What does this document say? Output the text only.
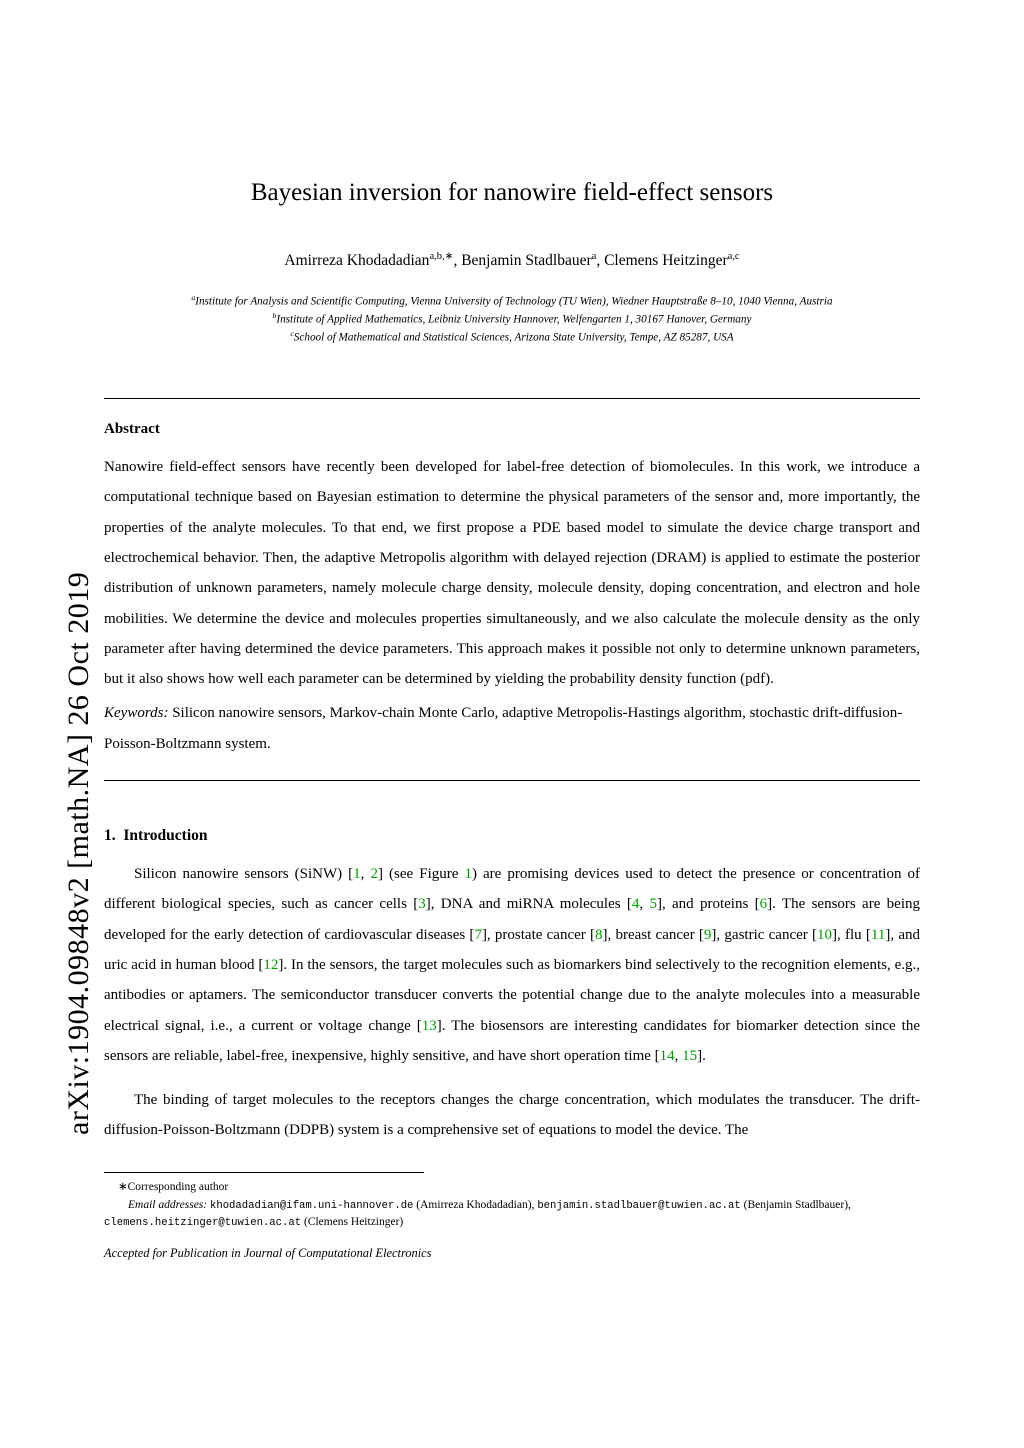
arXiv:1904.09848v2 [math.NA] 26 Oct 2019
Bayesian inversion for nanowire field-effect sensors
Amirreza Khodadadian$^{a,b,∗}$, Benjamin Stadlbauer$^a$, Clemens Heitzinger$^{a,c}$
$^a$Institute for Analysis and Scientific Computing, Vienna University of Technology (TU Wien), Wiedner Hauptstraße 8–10, 1040 Vienna, Austria
$^b$Institute of Applied Mathematics, Leibniz University Hannover, Welfengarten 1, 30167 Hanover, Germany
$^c$School of Mathematical and Statistical Sciences, Arizona State University, Tempe, AZ 85287, USA
Abstract
Nanowire field-effect sensors have recently been developed for label-free detection of biomolecules. In this work, we introduce a computational technique based on Bayesian estimation to determine the physical parameters of the sensor and, more importantly, the properties of the analyte molecules. To that end, we first propose a PDE based model to simulate the device charge transport and electrochemical behavior. Then, the adaptive Metropolis algorithm with delayed rejection (DRAM) is applied to estimate the posterior distribution of unknown parameters, namely molecule charge density, molecule density, doping concentration, and electron and hole mobilities. We determine the device and molecules properties simultaneously, and we also calculate the molecule density as the only parameter after having determined the device parameters. This approach makes it possible not only to determine unknown parameters, but it also shows how well each parameter can be determined by yielding the probability density function (pdf).
Keywords: Silicon nanowire sensors, Markov-chain Monte Carlo, adaptive Metropolis-Hastings algorithm, stochastic drift-diffusion-Poisson-Boltzmann system.
1. Introduction
Silicon nanowire sensors (SiNW) [1, 2] (see Figure 1) are promising devices used to detect the presence or concentration of different biological species, such as cancer cells [3], DNA and miRNA molecules [4, 5], and proteins [6]. The sensors are being developed for the early detection of cardiovascular diseases [7], prostate cancer [8], breast cancer [9], gastric cancer [10], flu [11], and uric acid in human blood [12]. In the sensors, the target molecules such as biomarkers bind selectively to the recognition elements, e.g., antibodies or aptamers. The semiconductor transducer converts the potential change due to the analyte molecules into a measurable electrical signal, i.e., a current or voltage change [13]. The biosensors are interesting candidates for biomarker detection since the sensors are reliable, label-free, inexpensive, highly sensitive, and have short operation time [14, 15].
The binding of target molecules to the receptors changes the charge concentration, which modulates the transducer. The drift-diffusion-Poisson-Boltzmann (DDPB) system is a comprehensive set of equations to model the device. The
∗Corresponding author
Email addresses: khodadadian@ifam.uni-hannover.de (Amirreza Khodadadian), benjamin.stadlbauer@tuwien.ac.at (Benjamin Stadlbauer), clemens.heitzinger@tuwien.ac.at (Clemens Heitzinger)
Accepted for Publication in Journal of Computational Electronics
